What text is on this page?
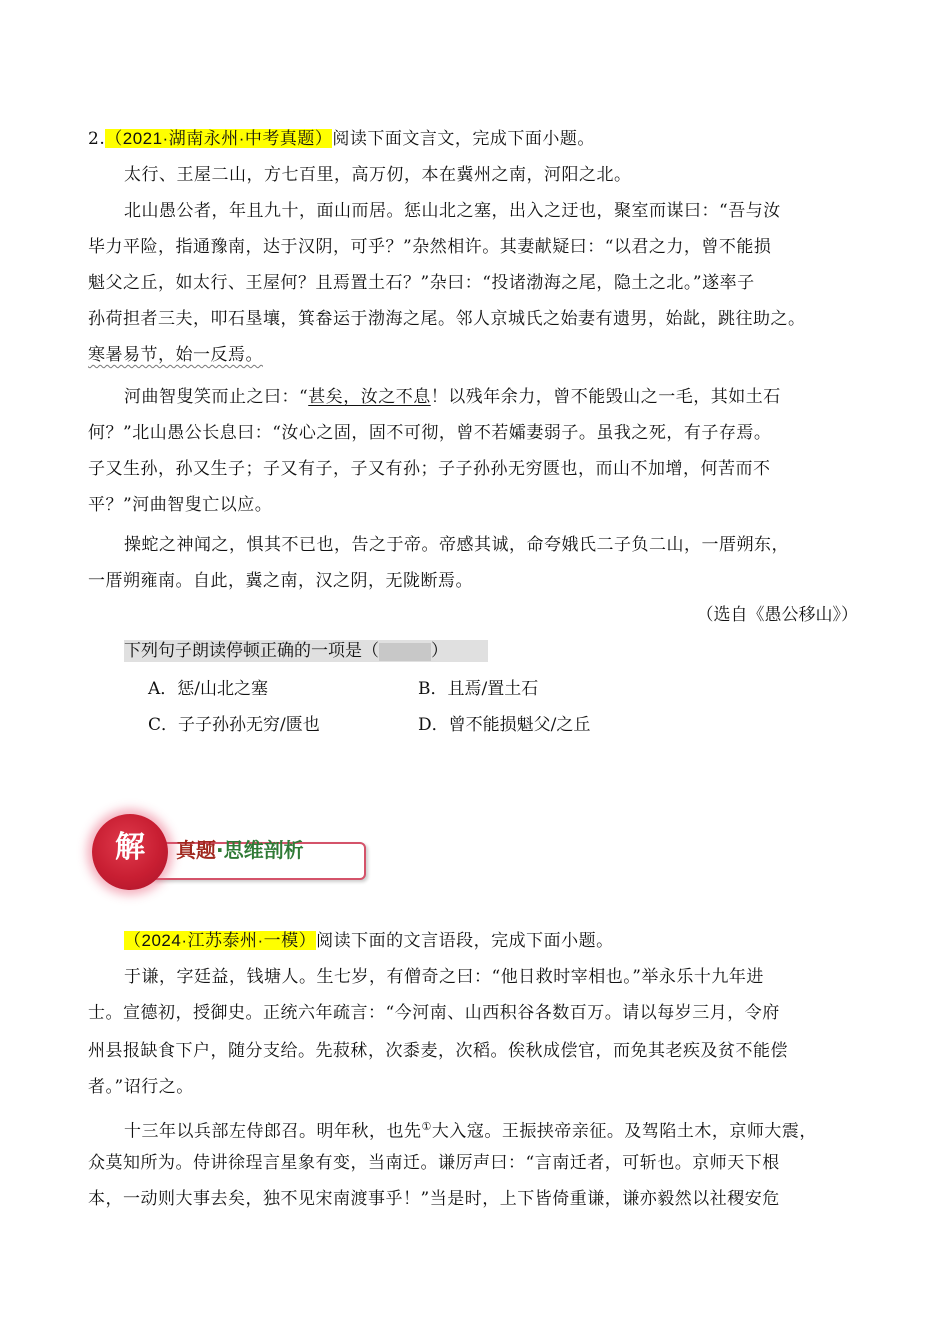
2.（2021·湖南永州·中考真题）阅读下面文言文，完成下面小题。
太行、王屋二山，方七百里，高万仞，本在冀州之南，河阳之北。
北山愚公者，年且九十，面山而居。惩山北之塞，出入之迂也，聚室而谋曰：“吾与汝
毕力平险，指通豫南，达于汉阴，可乎？”杂然相许。其妻献疑曰：“以君之力，曾不能损
魁父之丘，如太行、王屋何？且焉置土石？”杂曰：“投诸渤海之尾，隐土之北。”遂率子
孙荷担者三夫，叩石垦壤，箕畚运于渤海之尾。邻人京城氏之始妻有遗男，始龀，跳往助之。
寒暑易节，始一反焉。
河曲智叟笑而止之曰：“甚矣，汝之不息！以残年余力，曾不能毁山之一毛，其如土石
何？”北山愚公长息曰：“汝心之固，固不可彻，曾不若孀妻弱子。虽我之死，有子存焉。
子又生孙，孙又生子；子又有子，子又有孙；子子孙孙无穷匮也，而山不加增，何苦而不
平？”河曲智叟亡以应。
操蛇之神闻之，惧其不已也，告之于帝。帝感其诚，命夸娥氏二子负二山，一厝朔东，
一厝朔雍南。自此，冀之南，汉之阴，无陇断焉。
（选自《愚公移山》）
下列句子朗读停顿正确的一项是（	）
A．惩/山北之塞	B．且焉/置土石
C．子子孙孙无穷/匮也	D．曾不能损魁父/之丘
解	真题·思维剖析
（2024·江苏泰州·一模）阅读下面的文言语段，完成下面小题。
于谦，字廷益，钱塘人。生七岁，有僧奇之曰：“他日救时宰相也。”举永乐十九年进
士。宣德初，授御史。正统六年疏言：“今河南、山西积谷各数百万。请以每岁三月，令府
州县报缺食下户，随分支给。先菽秫，次黍麦，次稻。俟秋成偿官，而免其老疾及贫不能偿
者。”诏行之。
十三年以兵部左侍郎召。明年秋，也先①大入寇。王振挟帝亲征。及驾陷土木，京师大震，
众莫知所为。侍讲徐珵言星象有变，当南迁。谦厉声曰：“言南迁者，可斩也。京师天下根
本，一动则大事去矣，独不见宋南渡事乎！”当是时，上下皆倚重谦，谦亦毅然以社稷安危
